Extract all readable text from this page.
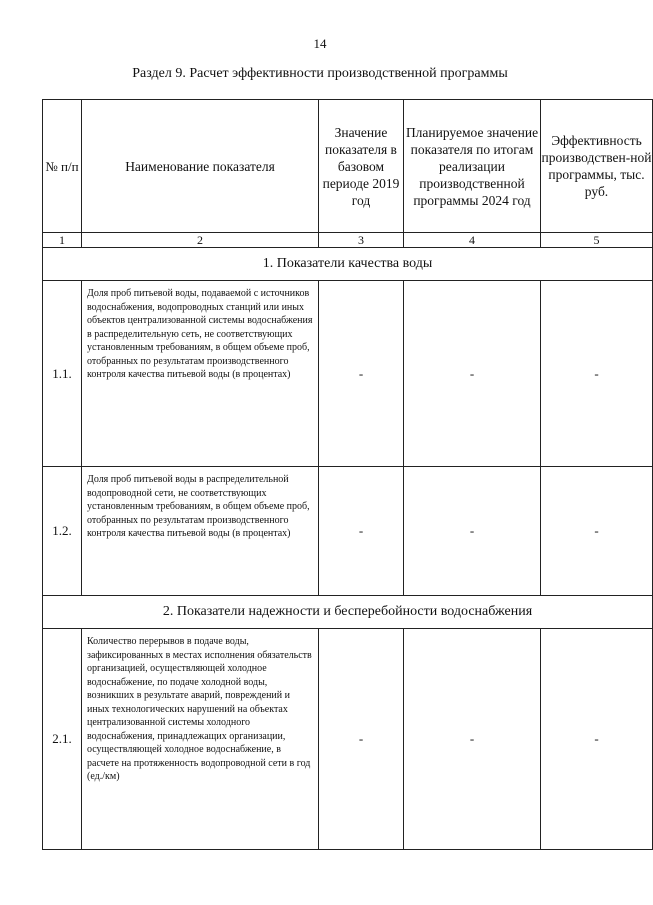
14
Раздел 9. Расчет эффективности производственной программы
№ п/п	Наименование показателя	Значение показателя в базовом периоде 2019 год	Планируемое значение показателя по итогам реализации производственной программы 2024 год	Эффективность производствен-ной программы, тыс. руб.
1	2	3	4	5
1. Показатели качества воды				
1.1.	Доля проб питьевой воды, подаваемой с источников водоснабжения, водопроводных станций или иных объектов централизованной системы водоснабжения в распределительную сеть, не соответствующих установленным требованиям, в общем объеме проб, отобранных по результатам производственного контроля качества питьевой воды (в процентах)	-	-	-
1.2.	Доля проб питьевой воды в распределительной водопроводной сети, не соответствующих установленным требованиям, в общем объеме проб, отобранных по результатам производственного контроля качества питьевой воды (в процентах)	-	-	-
2. Показатели надежности и бесперебойности водоснабжения				
2.1.	Количество перерывов в подаче воды, зафиксированных в местах исполнения обязательств организацией, осуществляющей холодное водоснабжение, по подаче холодной воды, возникших в результате аварий, повреждений и иных технологических нарушений на объектах централизованной системы холодного водоснабжения, принадлежащих организации, осуществляющей холодное водоснабжение, в расчете на протяженность водопроводной сети в год (ед./км)	-	-	-
